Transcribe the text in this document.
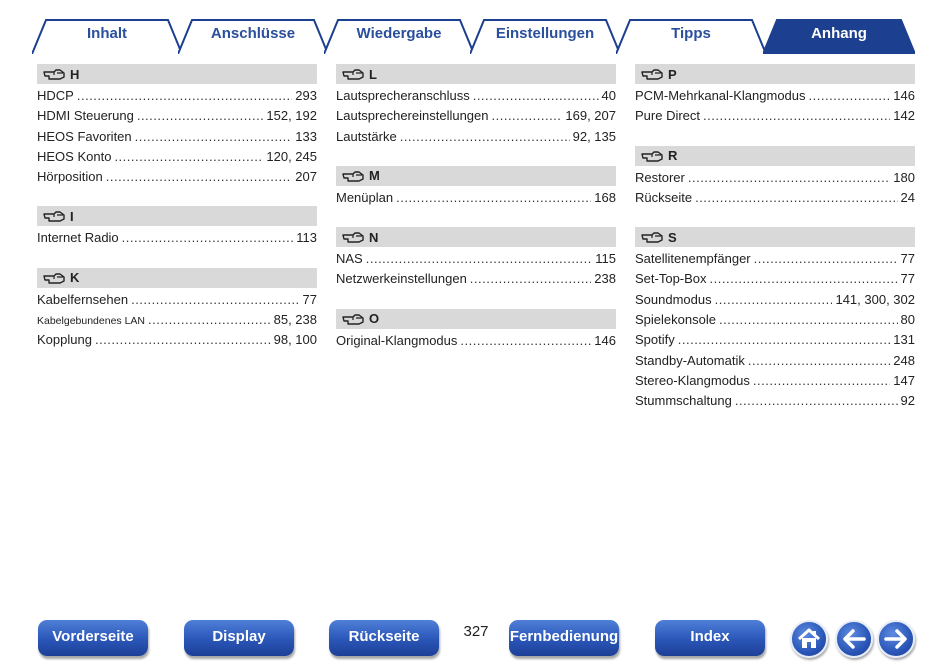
Inhalt	Anschlüsse	Wiedergabe	Einstellungen	Tipps	Anhang
H
HDCP .....	293
HDMI Steuerung .....	152, 192
HEOS Favoriten .....	133
HEOS Konto .....	120, 245
Hörposition .....	207
I
Internet Radio .....	113
K
Kabelfernsehen .....	77
Kabelgebundenes LAN .....	85, 238
Kopplung .....	98, 100
L
Lautsprecheranschluss .....	40
Lautsprechereinstellungen .....	169, 207
Lautstärke .....	92, 135
M
Menüplan .....	168
N
NAS .....	115
Netzwerkeinstellungen .....	238
O
Original-Klangmodus .....	146
P
PCM-Mehrkanal-Klangmodus .....	146
Pure Direct .....	142
R
Restorer .....	180
Rückseite .....	24
S
Satellitenempfänger .....	77
Set-Top-Box .....	77
Soundmodus .....	141, 300, 302
Spielekonsole .....	80
Spotify .....	131
Standby-Automatik .....	248
Stereo-Klangmodus .....	147
Stummschaltung .....	92
Vorderseite	Display	Rückseite	327	Fernbedienung	Index
